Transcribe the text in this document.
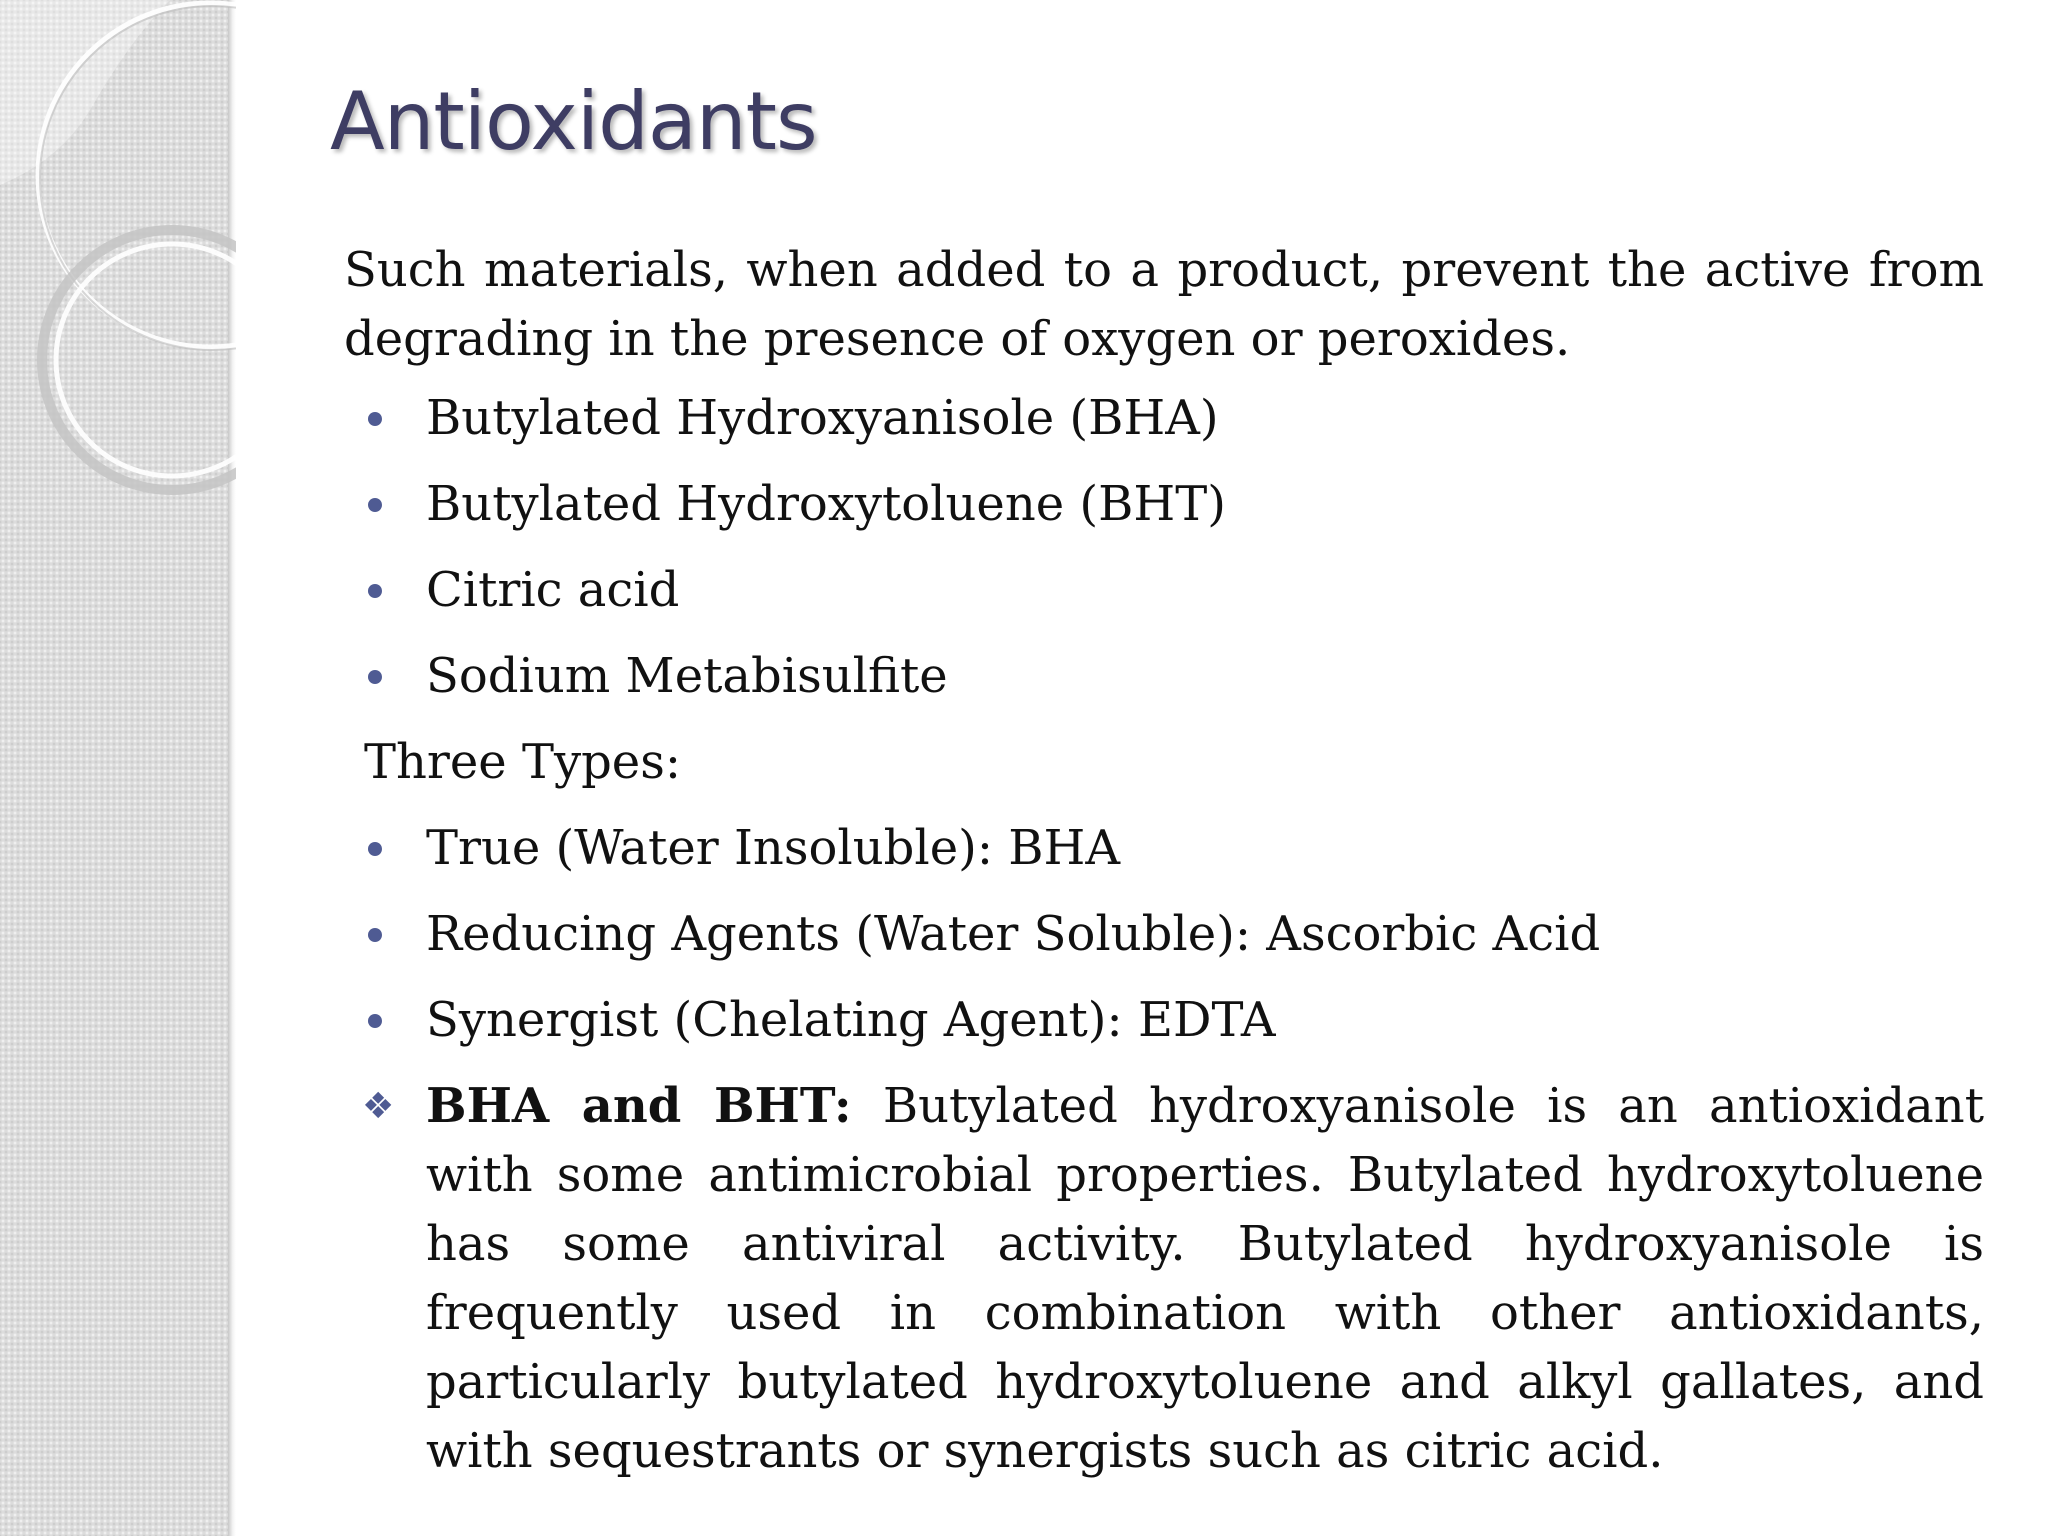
Antioxidants

Such materials, when added to a product, prevent the active from degrading in the presence of oxygen or peroxides.

Butylated Hydroxyanisole (BHA)
Butylated Hydroxytoluene (BHT)
Citric acid
Sodium Metabisulfite

Three Types:

True (Water Insoluble): BHA
Reducing Agents (Water Soluble): Ascorbic Acid
Synergist (Chelating Agent): EDTA
❖ BHA and BHT: Butylated hydroxyanisole is an antioxidant with some antimicrobial properties. Butylated hydroxytoluene has some antiviral activity. Butylated hydroxyanisole is frequently used in combination with other antioxidants, particularly butylated hydroxytoluene and alkyl gallates, and with sequestrants or synergists such as citric acid.
